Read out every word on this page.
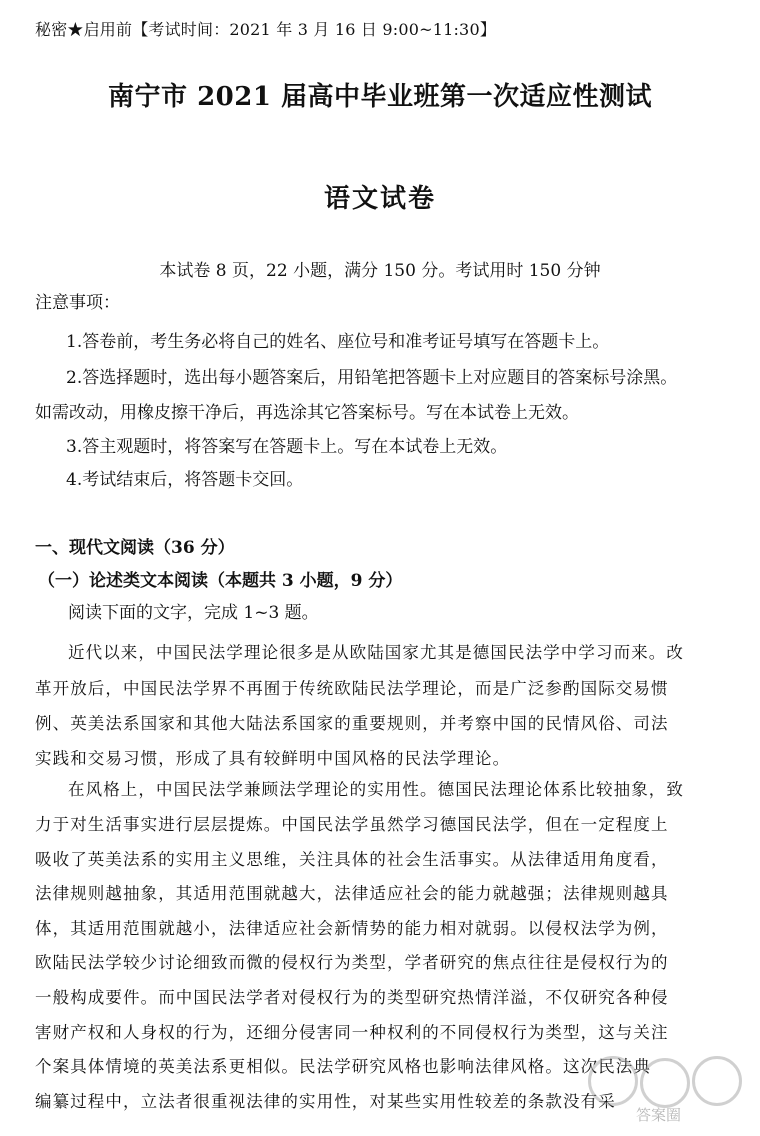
秘密★启用前【考试时间：2021 年 3 月 16 日 9:00~11:30】
南宁市 2021 届高中毕业班第一次适应性测试
语文试卷
本试卷 8 页，22 小题，满分 150 分。考试用时 150 分钟
注意事项：
1.答卷前，考生务必将自己的姓名、座位号和准考证号填写在答题卡上。
2.答选择题时，选出每小题答案后，用铅笔把答题卡上对应题目的答案标号涂黑。
如需改动，用橡皮擦干净后，再选涂其它答案标号。写在本试卷上无效。
3.答主观题时，将答案写在答题卡上。写在本试卷上无效。
4.考试结束后，将答题卡交回。
一、现代文阅读（36 分）
（一）论述类文本阅读（本题共 3 小题，9 分）
阅读下面的文字，完成 1~3 题。
近代以来，中国民法学理论很多是从欧陆国家尤其是德国民法学中学习而来。改
革开放后，中国民法学界不再囿于传统欧陆民法学理论，而是广泛参酌国际交易惯
例、英美法系国家和其他大陆法系国家的重要规则，并考察中国的民情风俗、司法
实践和交易习惯，形成了具有较鲜明中国风格的民法学理论。
在风格上，中国民法学兼顾法学理论的实用性。德国民法理论体系比较抽象，致
力于对生活事实进行层层提炼。中国民法学虽然学习德国民法学，但在一定程度上
吸收了英美法系的实用主义思维，关注具体的社会生活事实。从法律适用角度看，
法律规则越抽象，其适用范围就越大，法律适应社会的能力就越强；法律规则越具
体，其适用范围就越小，法律适应社会新情势的能力相对就弱。以侵权法学为例，
欧陆民法学较少讨论细致而微的侵权行为类型，学者研究的焦点往往是侵权行为的
一般构成要件。而中国民法学者对侵权行为的类型研究热情洋溢，不仅研究各种侵
害财产权和人身权的行为，还细分侵害同一种权利的不同侵权行为类型，这与关注
个案具体情境的英美法系更相似。民法学研究风格也影响法律风格。这次民法典
编纂过程中，立法者很重视法律的实用性，对某些实用性较差的条款没有采
答案圈
